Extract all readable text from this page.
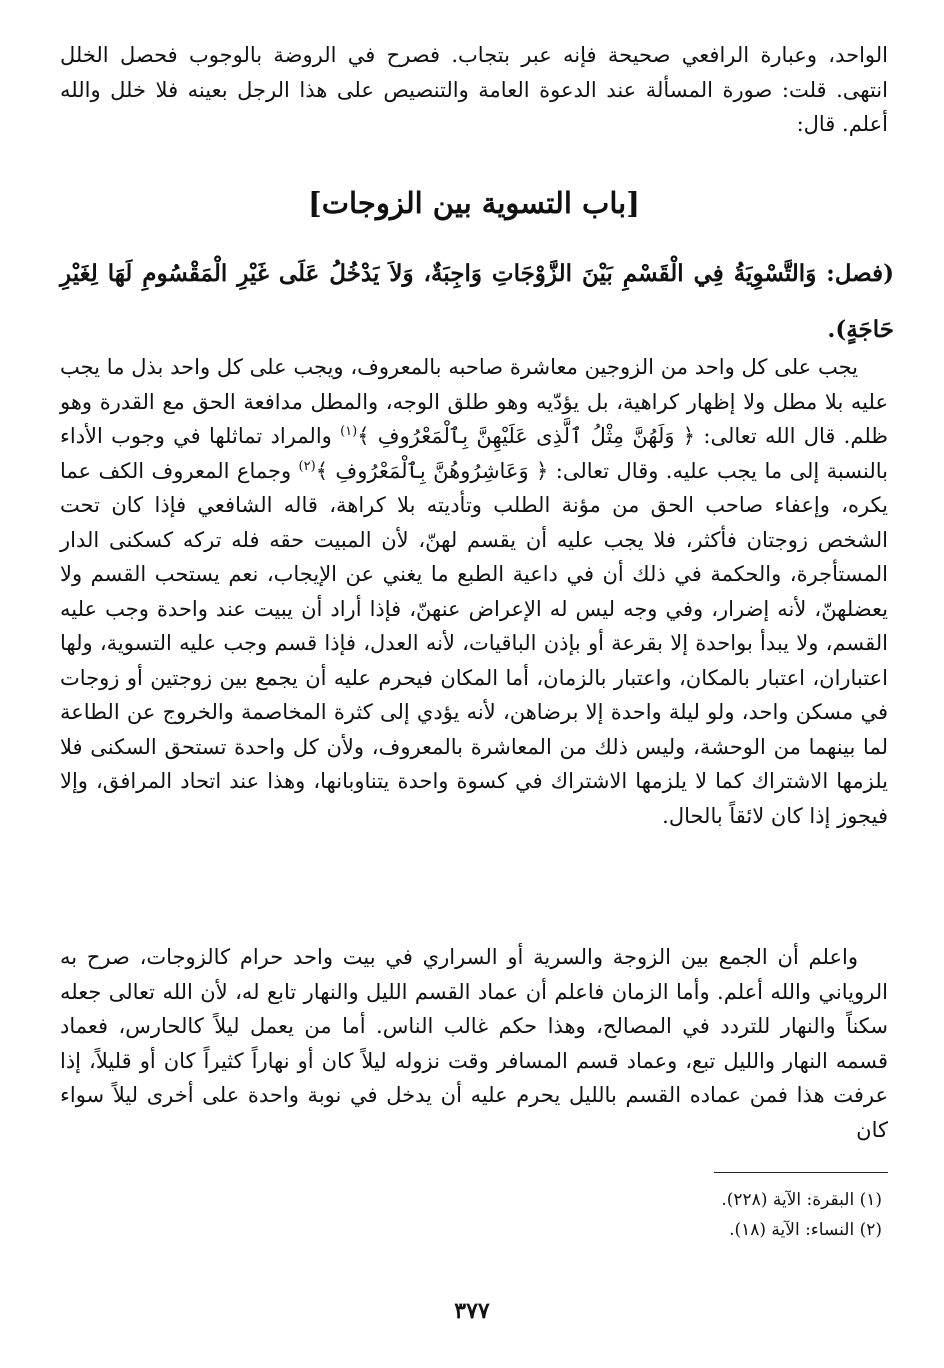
الواحد، وعبارة الرافعي صحيحة فإنه عبر بتجاب. فصرح في الروضة بالوجوب فحصل الخلل انتهى. قلت: صورة المسألة عند الدعوة العامة والتنصيص على هذا الرجل بعينه فلا خلل والله أعلم. قال:
[باب التسوية بين الزوجات]
(فصل: وَالتَّسْوِيَةُ فِي الْقَسْمِ بَيْنَ الزَّوْجَاتِ وَاجِبَةٌ، وَلاَ يَدْخُلُ عَلَى غَيْرِ الْمَقْسُومِ لَهَا لِغَيْرِ حَاجَةٍ).
يجب على كل واحد من الزوجين معاشرة صاحبه بالمعروف، ويجب على كل واحد بذل ما يجب عليه بلا مطل ولا إظهار كراهية، بل يؤدّيه وهو طلق الوجه، والمطل مدافعة الحق مع القدرة وهو ظلم. قال الله تعالى: ﴿ وَلَهُنَّ مِثْلُ ٱلَّذِى عَلَيْهِنَّ بِٱلْمَعْرُوفِ ﴾$^{(١)}$ والمراد تماثلها في وجوب الأداء بالنسبة إلى ما يجب عليه. وقال تعالى: ﴿ وَعَاشِرُوهُنَّ بِٱلْمَعْرُوفِ ﴾$^{(٢)}$ وجماع المعروف الكف عما يكره، وإعفاء صاحب الحق من مؤنة الطلب وتأديته بلا كراهة، قاله الشافعي فإذا كان تحت الشخص زوجتان فأكثر، فلا يجب عليه أن يقسم لهنّ، لأن المبيت حقه فله تركه كسكنى الدار المستأجرة، والحكمة في ذلك أن في داعية الطبع ما يغني عن الإيجاب، نعم يستحب القسم ولا يعضلهنّ، لأنه إضرار، وفي وجه ليس له الإعراض عنهنّ، فإذا أراد أن يبيت عند واحدة وجب عليه القسم، ولا يبدأ بواحدة إلا بقرعة أو بإذن الباقيات، لأنه العدل، فإذا قسم وجب عليه التسوية، ولها اعتباران، اعتبار بالمكان، واعتبار بالزمان، أما المكان فيحرم عليه أن يجمع بين زوجتين أو زوجات في مسكن واحد، ولو ليلة واحدة إلا برضاهن، لأنه يؤدي إلى كثرة المخاصمة والخروج عن الطاعة لما بينهما من الوحشة، وليس ذلك من المعاشرة بالمعروف، ولأن كل واحدة تستحق السكنى فلا يلزمها الاشتراك كما لا يلزمها الاشتراك في كسوة واحدة يتناوبانها، وهذا عند اتحاد المرافق، وإلا فيجوز إذا كان لائقاً بالحال.
واعلم أن الجمع بين الزوجة والسرية أو السراري في بيت واحد حرام كالزوجات، صرح به الروياني والله أعلم. وأما الزمان فاعلم أن عماد القسم الليل والنهار تابع له، لأن الله تعالى جعله سكناً والنهار للتردد في المصالح، وهذا حكم غالب الناس. أما من يعمل ليلاً كالحارس، فعماد قسمه النهار والليل تبع، وعماد قسم المسافر وقت نزوله ليلاً كان أو نهاراً كثيراً كان أو قليلاً، إذا عرفت هذا فمن عماده القسم بالليل يحرم عليه أن يدخل في نوبة واحدة على أخرى ليلاً سواء كان
(١) البقرة: الآية (٢٢٨).
(٢) النساء: الآية (١٨).
٣٧٧
